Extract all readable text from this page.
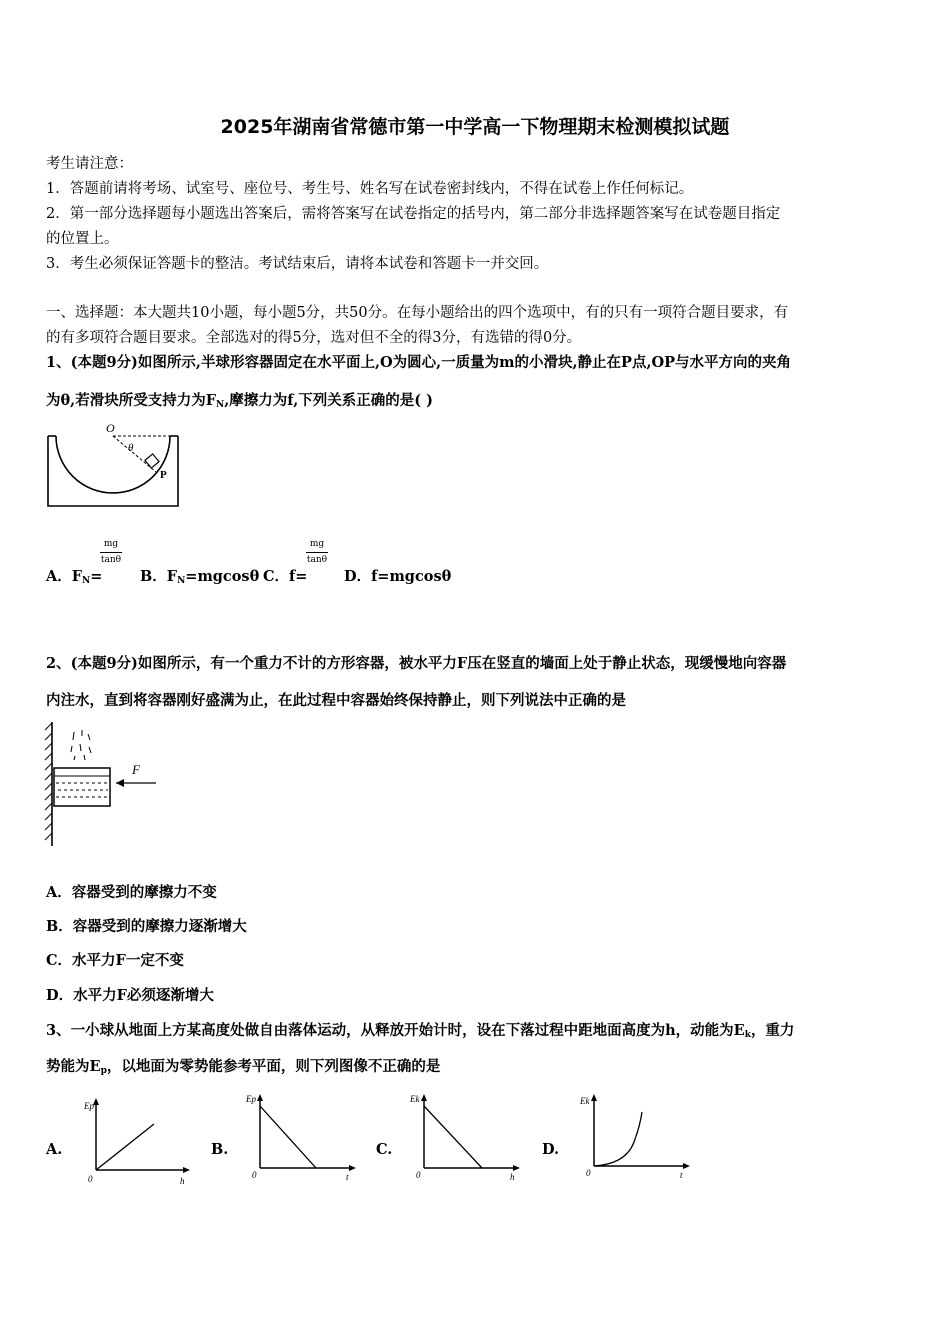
2025年湖南省常德市第一中学高一下物理期末检测模拟试题
考生请注意：
1．答题前请将考场、试室号、座位号、考生号、姓名写在试卷密封线内，不得在试卷上作任何标记。
2．第一部分选择题每小题选出答案后，需将答案写在试卷指定的括号内，第二部分非选择题答案写在试卷题目指定
的位置上。
3．考生必须保证答题卡的整洁。考试结束后，请将本试卷和答题卡一并交回。
一、选择题：本大题共10小题，每小题5分，共50分。在每小题给出的四个选项中，有的只有一项符合题目要求，有
的有多项符合题目要求。全部选对的得5分，选对但不全的得3分，有选错的得0分。
1、(本题9分)如图所示,半球形容器固定在水平面上,O为圆心,一质量为m的小滑块,静止在P点,OP与水平方向的夹角
为θ,若滑块所受支持力为$F_N$,摩擦力为f,下列关系正确的是( )
O
θ
P
A．$F_N=$
mg
tanθ
B．$F_N=mgcos\theta$ C．f=
mg
tanθ
D．f=mgcosθ
2、(本题9分)如图所示，有一个重力不计的方形容器，被水平力F压在竖直的墙面上处于静止状态，现缓慢地向容器
内注水，直到将容器刚好盛满为止，在此过程中容器始终保持静止，则下列说法中正确的是
F
A．容器受到的摩擦力不变
B．容器受到的摩擦力逐渐增大
C．水平力F一定不变
D．水平力F必须逐渐增大
3、一小球从地面上方某高度处做自由落体运动，从释放开始计时，设在下落过程中距地面高度为h，动能为$E_k$，重力
势能为$E_p$，以地面为零势能参考平面，则下列图像不正确的是
A.
Ep
h
0
B.
Ep
t
0
C.
Ek
h
0
D.
Ek
t
0
